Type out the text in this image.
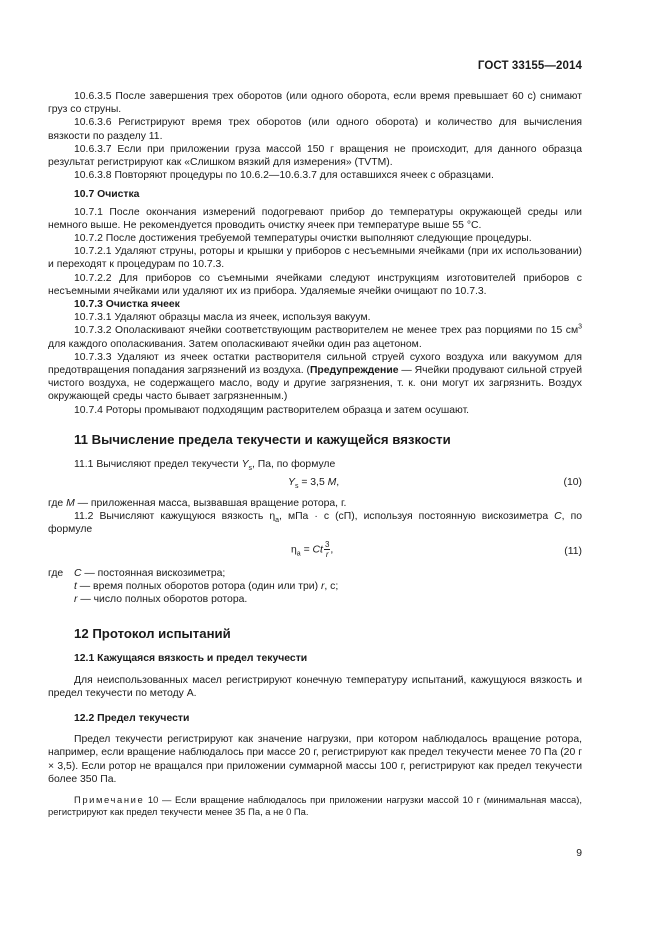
ГОСТ 33155—2014

10.6.3.5 После завершения трех оборотов (или одного оборота, если время превышает 60 с) снимают груз со струны.

10.6.3.6 Регистрируют время трех оборотов (или одного оборота) и количество для вычисления вязкости по разделу 11.

10.6.3.7 Если при приложении груза массой 150 г вращения не происходит, для данного образца результат регистрируют как «Слишком вязкий для измерения» (TVTM).

10.6.3.8 Повторяют процедуры по 10.6.2—10.6.3.7 для оставшихся ячеек с образцами.

10.7 Очистка

10.7.1 После окончания измерений подогревают прибор до температуры окружающей среды или немного выше. Не рекомендуется проводить очистку ячеек при температуре выше 55 °С.

10.7.2 После достижения требуемой температуры очистки выполняют следующие процедуры.

10.7.2.1 Удаляют струны, роторы и крышки у приборов с несъемными ячейками (при их использовании) и переходят к процедурам по 10.7.3.

10.7.2.2 Для приборов со съемными ячейками следуют инструкциям изготовителей приборов с несъемными ячейками или удаляют их из прибора. Удаляемые ячейки очищают по 10.7.3.

10.7.3 Очистка ячеек

10.7.3.1 Удаляют образцы масла из ячеек, используя вакуум.

10.7.3.2 Ополаскивают ячейки соответствующим растворителем не менее трех раз порциями по 15 $см^3$ для каждого ополаскивания. Затем ополаскивают ячейки один раз ацетоном.

10.7.3.3 Удаляют из ячеек остатки растворителя сильной струей сухого воздуха или вакуумом для предотвращения попадания загрязнений из воздуха. (Предупреждение — Ячейки продувают сильной струей чистого воздуха, не содержащего масло, воду и другие загрязнения, т. к. они могут их загрязнить. Воздух окружающей среды часто бывает загрязненным.)

10.7.4 Роторы промывают подходящим растворителем образца и затем осушают.

11 Вычисление предела текучести и кажущейся вязкости

11.1 Вычисляют предел текучести $Y_s$, Па, по формуле

$Y_s = 3,5$ M,	(10)

где M — приложенная масса, вызвавшая вращение ротора, г.

11.2 Вычисляют кажущуюся вязкость $\eta_a$, мПа · с (сП), используя постоянную вискозиметра C, по формуле

$\eta_a = Ct \frac{3}{r}$ ,	(11)

где C — постоянная вискозиметра;

t — время полных оборотов ротора (один или три) r, с;

r — число полных оборотов ротора.

12 Протокол испытаний

12.1 Кажущаяся вязкость и предел текучести

Для неиспользованных масел регистрируют конечную температуру испытаний, кажущуюся вязкость и предел текучести по методу А.

12.2 Предел текучести

Предел текучести регистрируют как значение нагрузки, при котором наблюдалось вращение ротора, например, если вращение наблюдалось при массе 20 г, регистрируют как предел текучести менее 70 Па (20 г × 3,5). Если ротор не вращался при приложении суммарной массы 100 г, регистрируют как предел текучести более 350 Па.

Примечание 10 — Если вращение наблюдалось при приложении нагрузки массой 10 г (минимальная масса), регистрируют как предел текучести менее 35 Па, а не 0 Па.

9
